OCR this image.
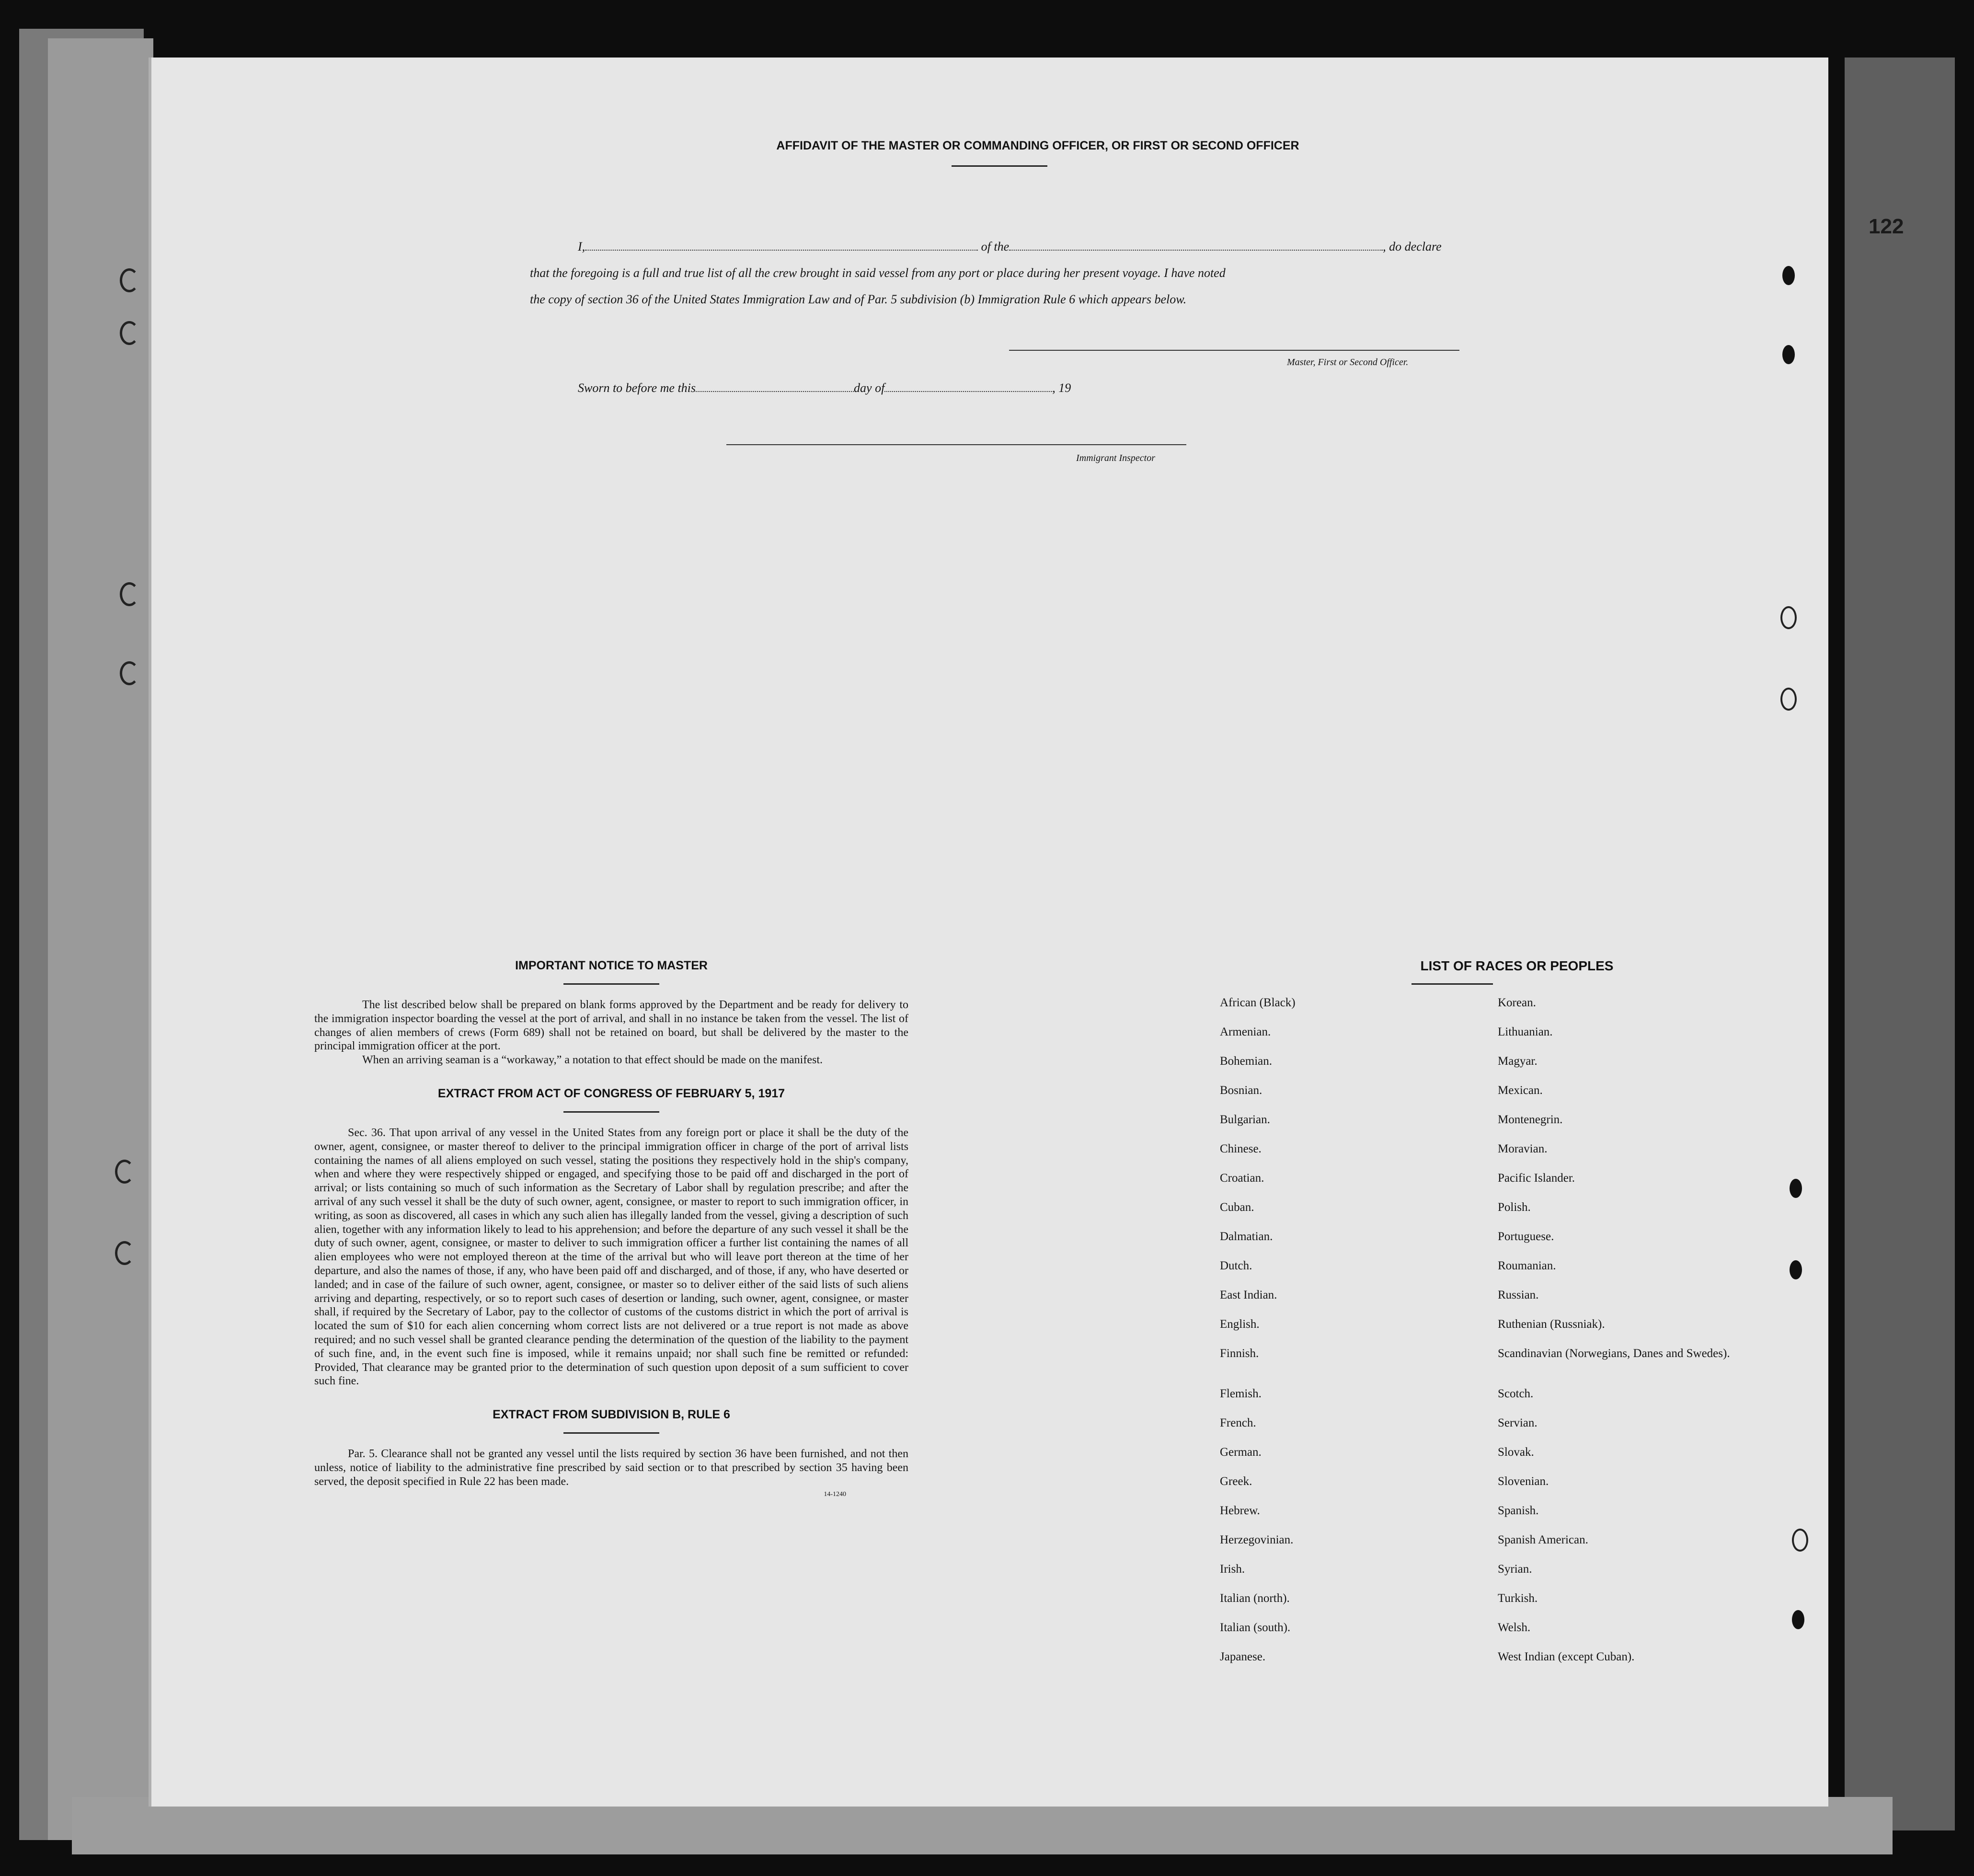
AFFIDAVIT OF THE MASTER OR COMMANDING OFFICER, OR FIRST OR SECOND OFFICER
I,	of the	, do declare
that the foregoing is a full and true list of all the crew brought in said vessel from any port or place during her present voyage. I have noted
the copy of section 36 of the United States Immigration Law and of Par. 5 subdivision (b) Immigration Rule 6 which appears below.
Master, First or Second Officer.
Sworn to before me this	day of	, 19
Immigrant Inspector
IMPORTANT NOTICE TO MASTER

The list described below shall be prepared on blank forms approved by the Department and be ready for delivery to the immigration inspector boarding the vessel at the port of arrival, and shall in no instance be taken from the vessel. The list of changes of alien members of crews (Form 689) shall not be retained on board, but shall be delivered by the master to the principal immigration officer at the port.

When an arriving seaman is a “workaway,” a notation to that effect should be made on the manifest.

EXTRACT FROM ACT OF CONGRESS OF FEBRUARY 5, 1917

Sec. 36. That upon arrival of any vessel in the United States from any foreign port or place it shall be the duty of the owner, agent, consignee, or master thereof to deliver to the principal immigration officer in charge of the port of arrival lists containing the names of all aliens employed on such vessel, stating the positions they respectively hold in the ship's company, when and where they were respectively shipped or engaged, and specifying those to be paid off and discharged in the port of arrival; or lists containing so much of such information as the Secretary of Labor shall by regulation prescribe; and after the arrival of any such vessel it shall be the duty of such owner, agent, consignee, or master to report to such immigration officer, in writing, as soon as discovered, all cases in which any such alien has illegally landed from the vessel, giving a description of such alien, together with any information likely to lead to his apprehension; and before the departure of any such vessel it shall be the duty of such owner, agent, consignee, or master to deliver to such immigration officer a further list containing the names of all alien employees who were not employed thereon at the time of the arrival but who will leave port thereon at the time of her departure, and also the names of those, if any, who have been paid off and discharged, and of those, if any, who have deserted or landed; and in case of the failure of such owner, agent, consignee, or master so to deliver either of the said lists of such aliens arriving and departing, respectively, or so to report such cases of desertion or landing, such owner, agent, consignee, or master shall, if required by the Secretary of Labor, pay to the collector of customs of the customs district in which the port of arrival is located the sum of $10 for each alien concerning whom correct lists are not delivered or a true report is not made as above required; and no such vessel shall be granted clearance pending the determination of the question of the liability to the payment of such fine, and, in the event such fine is imposed, while it remains unpaid; nor shall such fine be remitted or refunded: Provided, That clearance may be granted prior to the determination of such question upon deposit of a sum sufficient to cover such fine.

EXTRACT FROM SUBDIVISION B, RULE 6

Par. 5. Clearance shall not be granted any vessel until the lists required by section 36 have been furnished, and not then unless, notice of liability to the administrative fine prescribed by said section or to that prescribed by section 35 having been served, the deposit specified in Rule 22 has been made.

14-1240
LIST OF RACES OR PEOPLES
African (Black)	Korean.
Armenian.	Lithuanian.
Bohemian.	Magyar.
Bosnian.	Mexican.
Bulgarian.	Montenegrin.
Chinese.	Moravian.
Croatian.	Pacific Islander.
Cuban.	Polish.
Dalmatian.	Portuguese.
Dutch.	Roumanian.
East Indian.	Russian.
English.	Ruthenian (Russniak).
Finnish.	Scandinavian (Norwegians, Danes and Swedes).
Flemish.	Scotch.
French.	Servian.
German.	Slovak.
Greek.	Slovenian.
Hebrew.	Spanish.
Herzegovinian.	Spanish American.
Irish.	Syrian.
Italian (north).	Turkish.
Italian (south).	Welsh.
Japanese.	West Indian (except Cuban).
122
